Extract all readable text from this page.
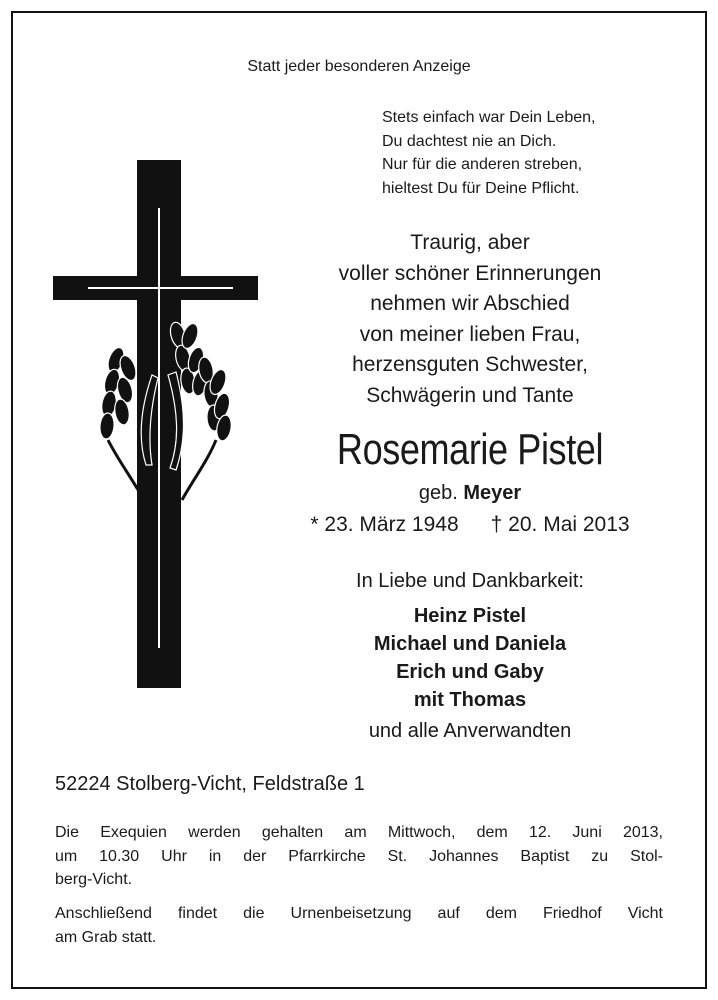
Statt jeder besonderen Anzeige
Stets einfach war Dein Leben,
Du dachtest nie an Dich.
Nur für die anderen streben,
hieltest Du für Deine Pflicht.
Traurig, aber
voller schöner Erinnerungen
nehmen wir Abschied
von meiner lieben Frau,
herzensguten Schwester,
Schwägerin und Tante
Rosemarie Pistel
geb. Meyer
* 23. März 1948 † 20. Mai 2013
In Liebe und Dankbarkeit:
Heinz Pistel
Michael und Daniela
Erich und Gaby
mit Thomas
und alle Anverwandten
52224 Stolberg-Vicht, Feldstraße 1
Die Exequien werden gehalten am Mittwoch, dem 12. Juni 2013,
um 10.30 Uhr in der Pfarrkirche St. Johannes Baptist zu Stol-
berg-Vicht.
Anschließend findet die Urnenbeisetzung auf dem Friedhof Vicht
am Grab statt.
